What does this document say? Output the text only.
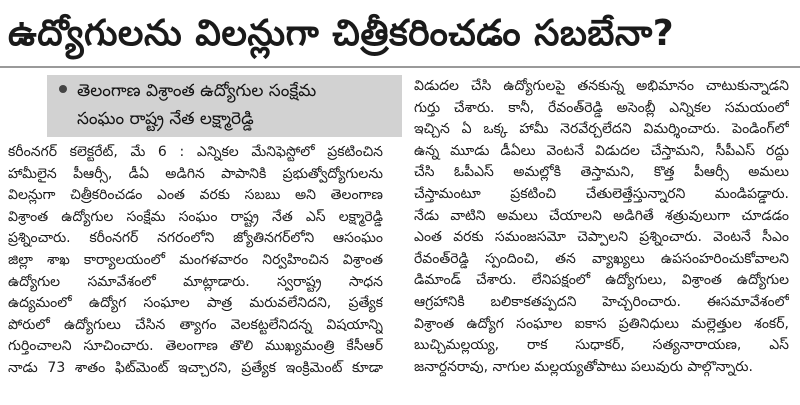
ఉద్యోగులను విలన్లుగా చిత్రీకరించడం సబబేనా?
తెలంగాణ విశ్రాంత ఉద్యోగుల సంక్షేమ
సంఘం రాష్ట్ర నేత లక్ష్మారెడ్డి
కరీంనగర్ కలెక్టరేట్, మే 6 : ఎన్నికల మేనిఫెస్టోలో ప్రకటించిన
హామీలైన పీఆర్సీ, డీఏ అడిగిన పాపానికి ప్రభుత్వోద్యోగులను
విలన్లుగా చిత్రీకరించడం ఎంత వరకు సబబు అని తెలంగాణ
విశ్రాంత ఉద్యోగుల సంక్షేమ సంఘం రాష్ట్ర నేత ఎస్ లక్ష్మారెడ్డి
ప్రశ్నించారు. కరీంనగర్ నగరంలోని జ్యోతినగర్‌లోని ఆసంఘం
జిల్లా శాఖ కార్యాలయంలో మంగళవారం నిర్వహించిన విశ్రాంత
ఉద్యోగుల సమావేశంలో మాట్లాడారు. స్వరాష్ట్ర సాధన
ఉద్యమంలో ఉద్యోగ సంఘాల పాత్ర మరువలేనిదని, ప్రత్యేక
పోరులో ఉద్యోగులు చేసిన త్యాగం వెలకట్టలేనిదన్న విషయాన్ని
గుర్తించాలని సూచించారు. తెలంగాణ తొలి ముఖ్యమంత్రి కేసీఆర్
నాడు 73 శాతం ఫిట్‌మెంట్ ఇచ్చారని, ప్రత్యేక ఇంక్రిమెంట్ కూడా
విడుదల చేసి ఉద్యోగులపై తనకున్న అభిమానం చాటుకున్నాడని
గుర్తు చేశారు. కానీ, రేవంత్‌రెడ్డి అసెంబ్లీ ఎన్నికల సమయంలో
ఇచ్చిన ఏ ఒక్క హామీ నెరవేర్చలేదని విమర్శించారు. పెండింగ్‌లో
ఉన్న మూడు డీఏలు వెంటనే విడుదల చేస్తామని, సీపీఎస్ రద్దు
చేసి ఓపీఎస్ అమల్లోకి తెస్తామని, కొత్త పీఆర్సీ అమలు
చేస్తామంటూ ప్రకటించి చేతులెత్తేస్తున్నారని మండిపడ్డారు.
నేడు వాటిని అమలు చేయాలని అడిగితే శత్రువులుగా చూడడం
ఎంత వరకు సమంజసమో చెప్పాలని ప్రశ్నించారు. వెంటనే సీఎం
రేవంత్‌రెడ్డి స్పందించి, తన వ్యాఖ్యలు ఉపసంహరించుకోవాలని
డిమాండ్ చేశారు. లేనిపక్షంలో ఉద్యోగులు, విశ్రాంత ఉద్యోగుల
ఆగ్రహానికి బలికాకతప్పదని హెచ్చరించారు. ఈసమావేశంలో
విశ్రాంత ఉద్యోగ సంఘాల ఐకాస ప్రతినిధులు మల్లెత్తుల శంకర్,
బుచ్చిమల్లయ్య, రాక సుధాకర్, సత్యనారాయణ, ఎస్
జనార్దనరావు, నాగుల మల్లయ్యతోపాటు పలువురు పాల్గొన్నారు.
